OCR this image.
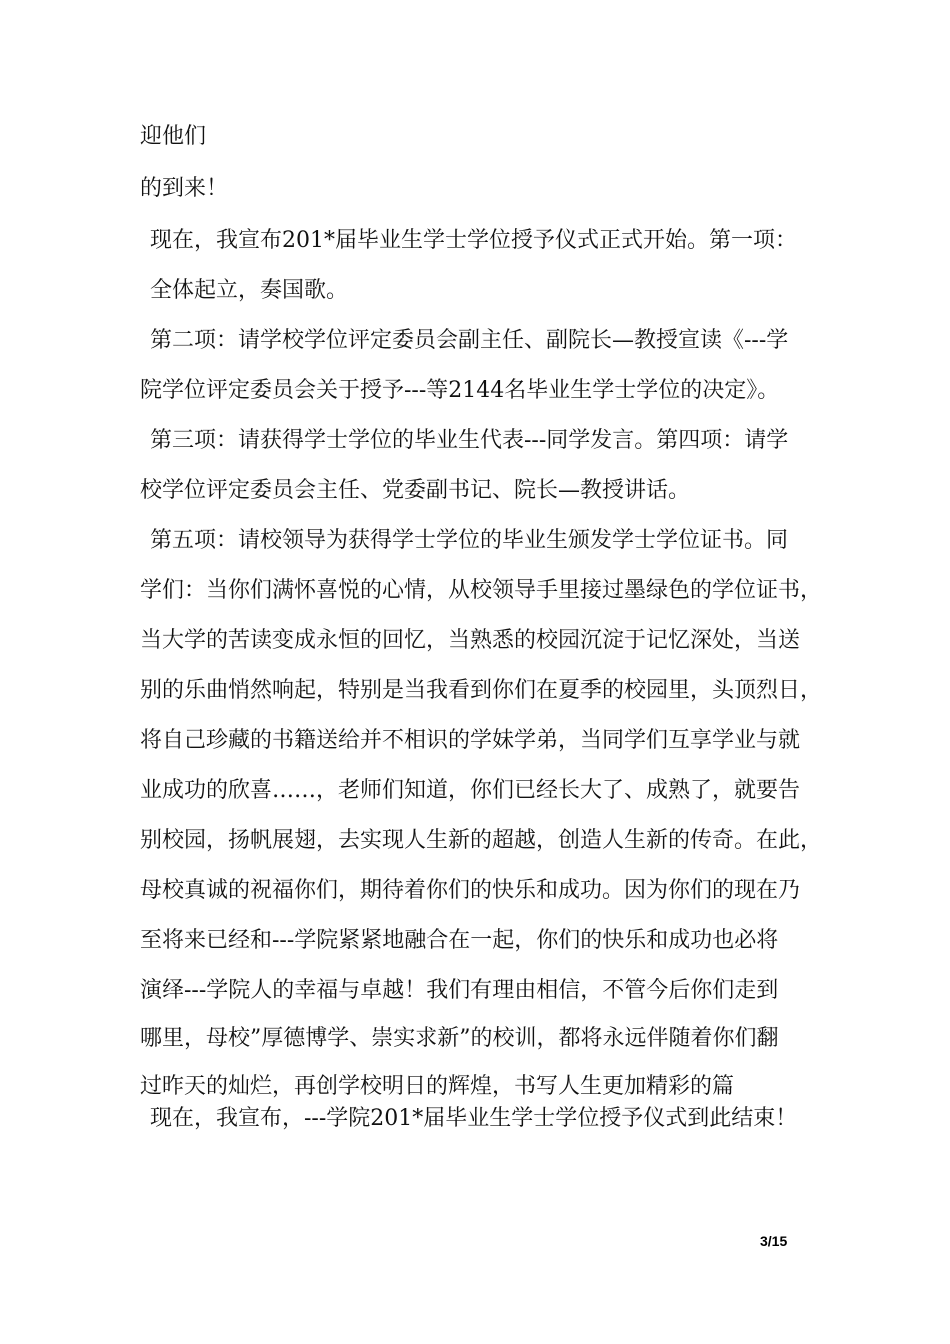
迎他们
的到来！
现在，我宣布201*届毕业生学士学位授予仪式正式开始。第一项：
全体起立，奏国歌。
第二项：请学校学位评定委员会副主任、副院长—教授宣读《---学
院学位评定委员会关于授予---等2144名毕业生学士学位的决定》。
第三项：请获得学士学位的毕业生代表---同学发言。第四项：请学
校学位评定委员会主任、党委副书记、院长—教授讲话。
第五项：请校领导为获得学士学位的毕业生颁发学士学位证书。同
学们：当你们满怀喜悦的心情，从校领导手里接过墨绿色的学位证书，
当大学的苦读变成永恒的回忆，当熟悉的校园沉淀于记忆深处，当送
别的乐曲悄然响起，特别是当我看到你们在夏季的校园里，头顶烈日，
将自己珍藏的书籍送给并不相识的学妹学弟，当同学们互享学业与就
业成功的欣喜……，老师们知道，你们已经长大了、成熟了，就要告
别校园，扬帆展翅，去实现人生新的超越，创造人生新的传奇。在此，
母校真诚的祝福你们，期待着你们的快乐和成功。因为你们的现在乃
至将来已经和---学院紧紧地融合在一起，你们的快乐和成功也必将
演绎---学院人的幸福与卓越！我们有理由相信，不管今后你们走到
哪里，母校”厚德博学、崇实求新”的校训，都将永远伴随着你们翻
过昨天的灿烂，再创学校明日的辉煌，书写人生更加精彩的篇
现在，我宣布，---学院201*届毕业生学士学位授予仪式到此结束！
3/15
